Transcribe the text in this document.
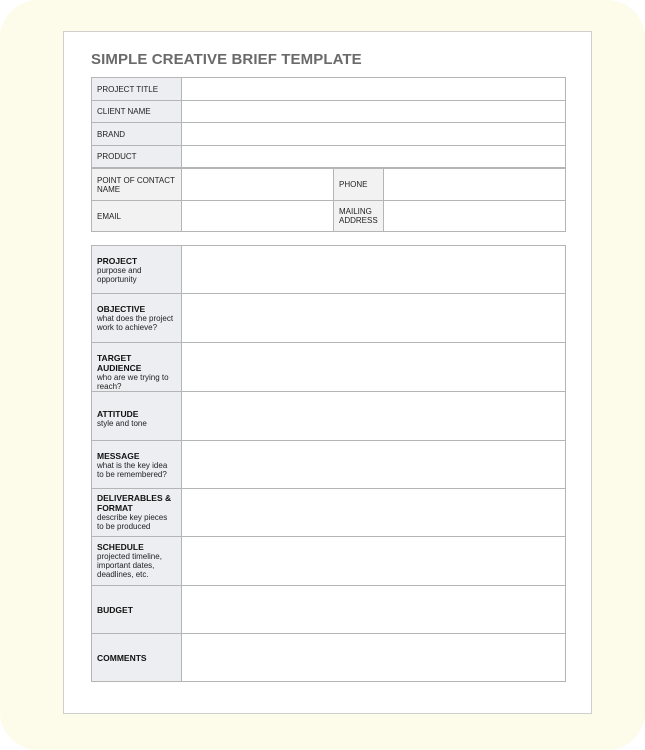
SIMPLE CREATIVE BRIEF TEMPLATE
PROJECT TITLE	
CLIENT NAME	
BRAND	
PRODUCT	
POINT OF CONTACT NAME		PHONE	
EMAIL		MAILING ADDRESS	
PROJECT
purpose and opportunity	

OBJECTIVE
what does the project work to achieve?	

TARGET AUDIENCE
who are we trying to reach?	

ATTITUDE
style and tone	

MESSAGE
what is the key idea to be remembered?	

DELIVERABLES & FORMAT
describe key pieces to be produced	

SCHEDULE
projected timeline, important dates, deadlines, etc.	

BUDGET	

COMMENTS	
